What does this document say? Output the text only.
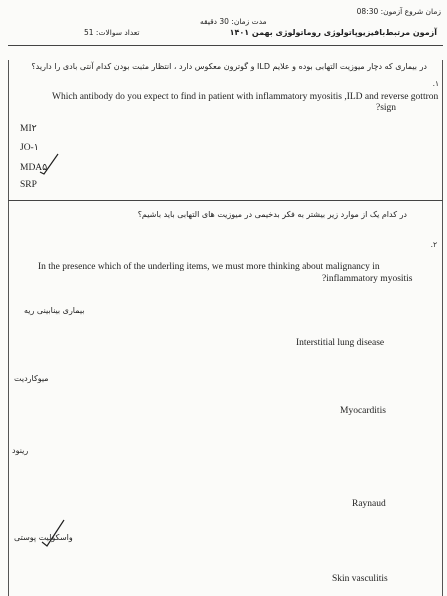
زمان شروع آزمون: 08:30
مدت زمان: 30 دقیقه
آزمون مرتبط‌بافیزیوپاتولوژی روماتولوژی بهمن ۱۴۰۱
تعداد سوالات: 51
۱.
در بیماری که دچار میوزیت التهابی بوده و علایم ILD و گوترون معکوس دارد ، انتظار مثبت بودن کدام آنتی بادی را دارید؟
Which antibody do you expect to find in patient with inflammatory myositis ,ILD and reverse gottron
?sign
MI۲
JO-۱
MDA۵
SRP
۲.
در کدام یک از موارد زیر بیشتر به فکر بدخیمی در میوزیت های التهابی باید باشیم؟
In the presence which of the underling items, we must more thinking about malignancy in
?inflammatory myositis
بیماری بینابینی ریه
Interstitial lung disease
میوکاردیت
Myocarditis
رینود
Raynaud
واسکولیت پوستی
Skin vasculitis
